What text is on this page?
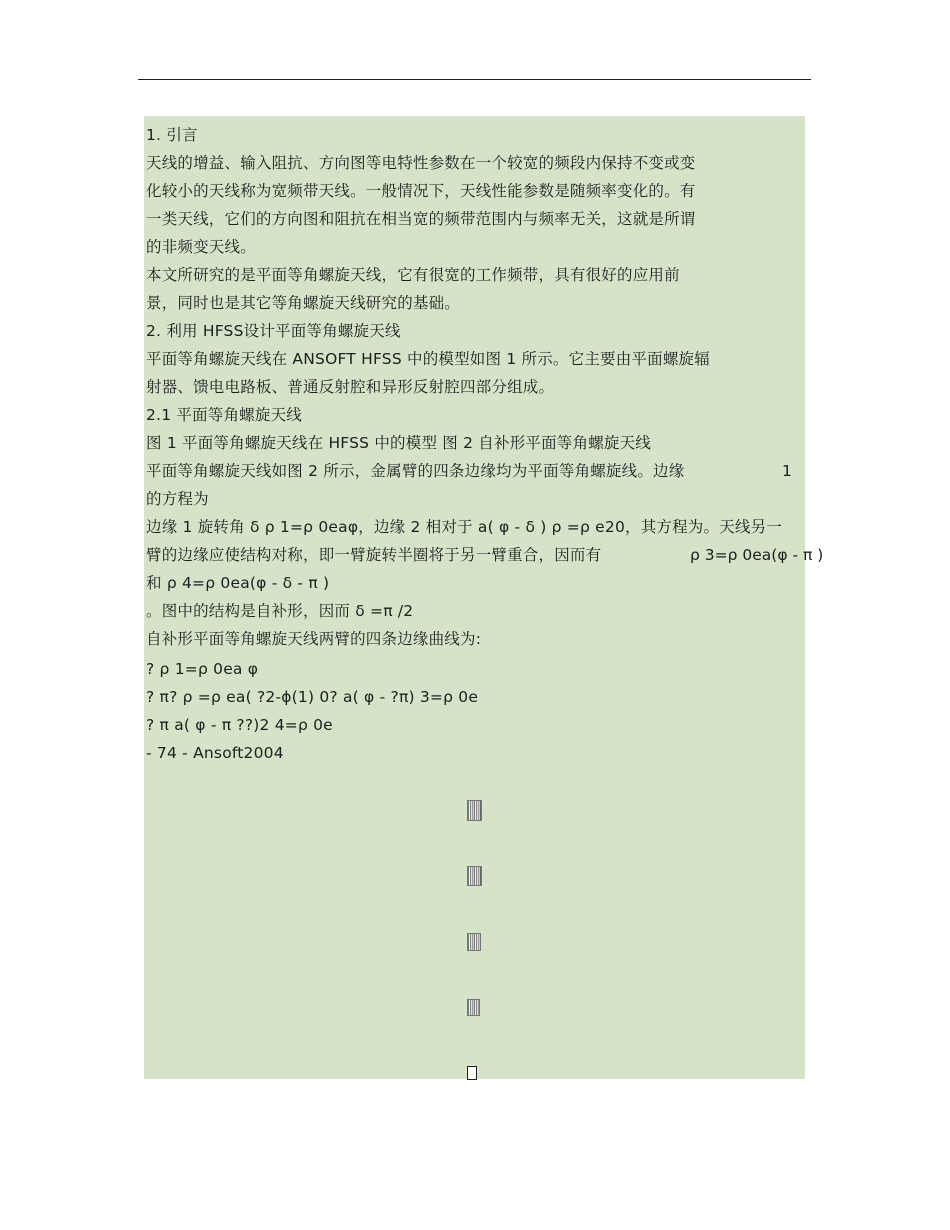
1. 引言
天线的增益、输入阻抗、方向图等电特性参数在一个较宽的频段内保持不变或变
化较小的天线称为宽频带天线。一般情况下，天线性能参数是随频率变化的。有
一类天线，它们的方向图和阻抗在相当宽的频带范围内与频率无关，这就是所谓
的非频变天线。
本文所研究的是平面等角螺旋天线，它有很宽的工作频带，具有很好的应用前
景，同时也是其它等角螺旋天线研究的基础。
2. 利用 HFSS设计平面等角螺旋天线
平面等角螺旋天线在 ANSOFT HFSS 中的模型如图 1 所示。它主要由平面螺旋辐
射器、馈电电路板、普通反射腔和异形反射腔四部分组成。
2.1 平面等角螺旋天线
图 1 平面等角螺旋天线在 HFSS 中的模型 图 2 自补形平面等角螺旋天线
平面等角螺旋天线如图 2 所示，金属臂的四条边缘均为平面等角螺旋线。边缘	1
的方程为
边缘 1 旋转角 δ ρ 1=ρ 0eaφ，边缘 2 相对于 a( φ - δ ) ρ =ρ e20，其方程为。天线另一
臂的边缘应使结构对称，即一臂旋转半圈将于另一臂重合，因而有	ρ 3=ρ 0ea(φ - π )
和 ρ 4=ρ 0ea(φ - δ - π )
。图中的结构是自补形，因而 δ =π /2
自补形平面等角螺旋天线两臂的四条边缘曲线为:
? ρ 1=ρ 0ea φ
? π? ρ =ρ ea( ?2-ϕ(1) 0? a( φ - ?π) 3=ρ 0e
? π a( φ - π ??)2 4=ρ 0e
- 74 - Ansoft2004
